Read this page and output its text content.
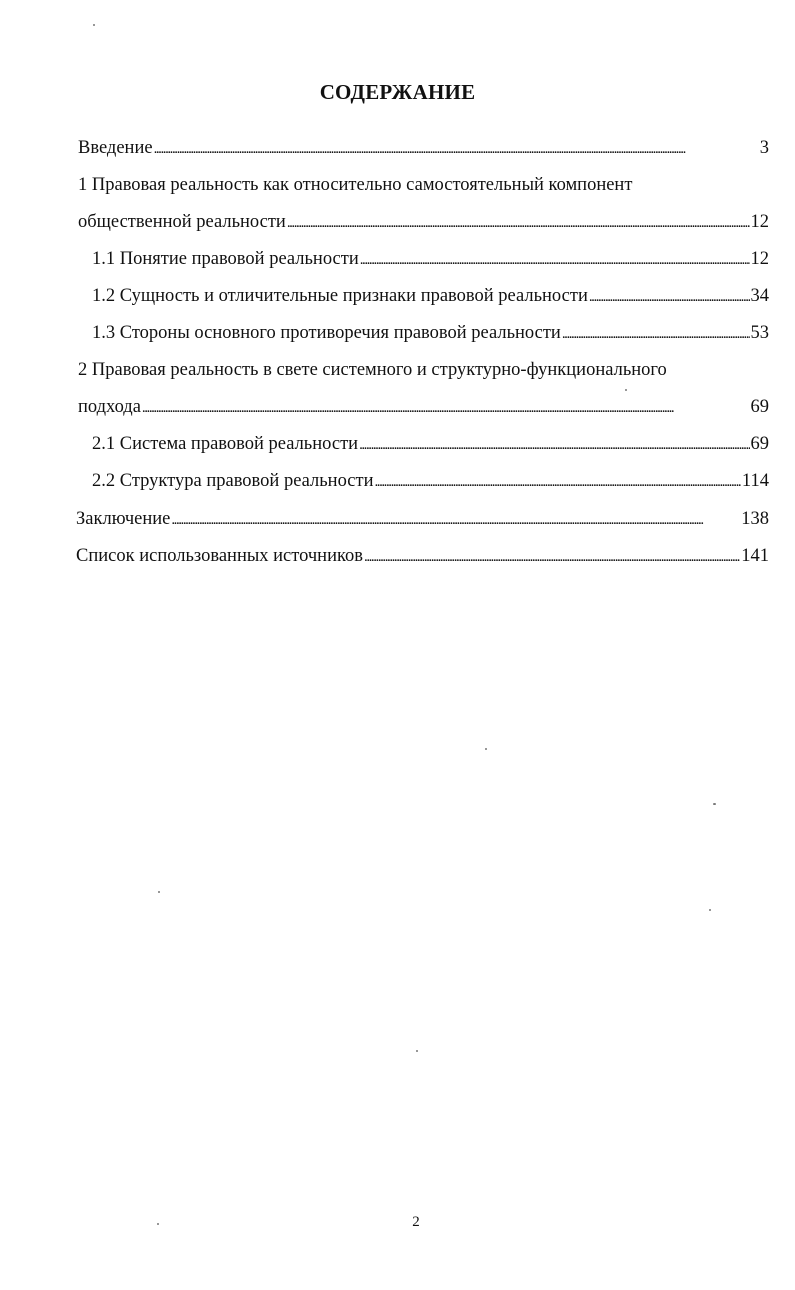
СОДЕРЖАНИЕ
Введение . . .	3
1 Правовая реальность как относительно самостоятельный компонент
общественной реальности . . .	12
1.1 Понятие правовой реальности . . .	12
1.2 Сущность и отличительные признаки правовой реальности . . .	34
1.3 Стороны основного противоречия правовой реальности . . .	53
2 Правовая реальность в свете системного и структурно-функционального
подхода . . .	69
2.1 Система правовой реальности . . .	69
2.2 Структура правовой реальности . . .	114
Заключение . . .	138
Список использованных источников . . .	141
2
